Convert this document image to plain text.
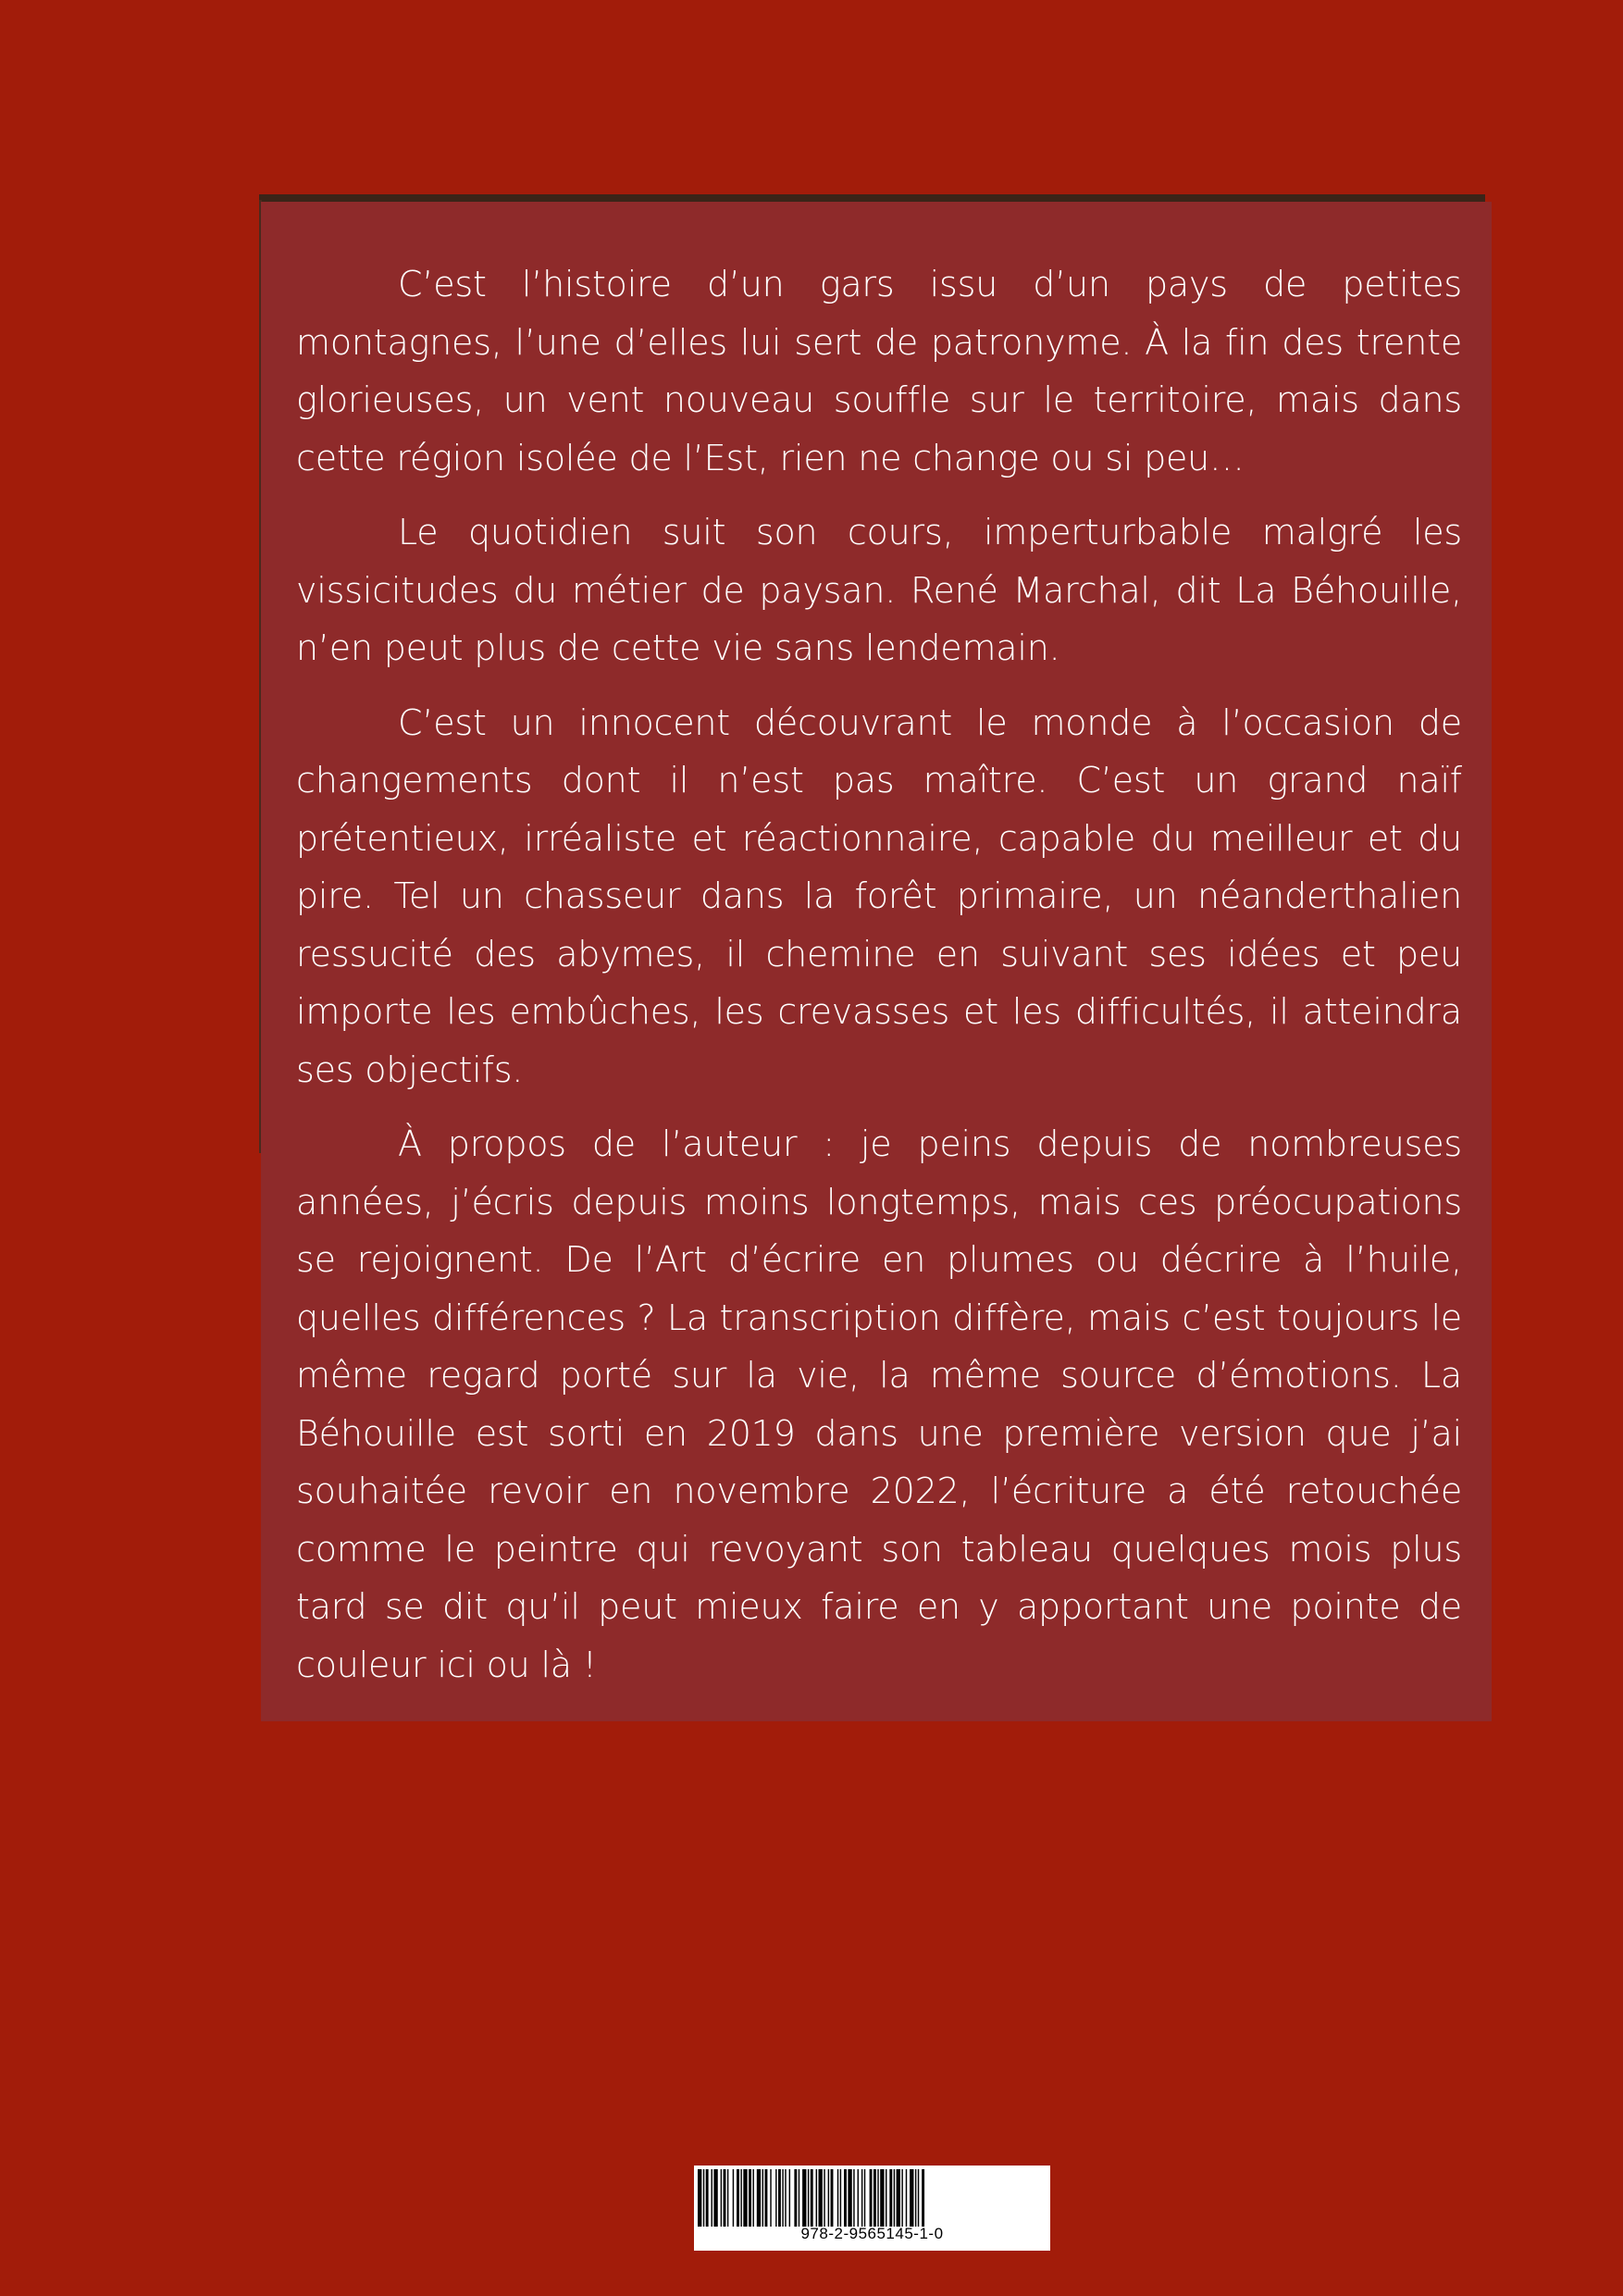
C’est l’histoire d’un gars issu d’un pays de petites montagnes, l’une d’elles lui sert de patronyme. À la fin des trente glorieuses, un vent nouveau souffle sur le territoire, mais dans cette région isolée de l’Est, rien ne change ou si peu…

Le quotidien suit son cours, imperturbable malgré les vissicitudes du métier de paysan. René Marchal, dit La Béhouille, n’en peut plus de cette vie sans lendemain.

C’est un innocent découvrant le monde à l’occasion de changements dont il n’est pas maître. C’est un grand naïf prétentieux, irréaliste et réactionnaire, capable du meilleur et du pire. Tel un chasseur dans la forêt primaire, un néanderthalien ressucité des abymes, il chemine en suivant ses idées et peu importe les embûches, les crevasses et les difficultés, il atteindra ses objectifs.

À propos de l’auteur : je peins depuis de nombreuses années, j’écris depuis moins longtemps, mais ces préocupations se rejoignent. De l’Art d’écrire en plumes ou décrire à l’huile, quelles différences ? La transcription diffère, mais c’est toujours le même regard porté sur la vie, la même source d’émotions. La Béhouille est sorti en 2019 dans une première version que j’ai souhaitée revoir en novembre 2022, l’écriture a été retouchée comme le peintre qui revoyant son tableau quelques mois plus tard se dit qu’il peut mieux faire en y apportant une pointe de couleur ici ou là !

978-2-9565145-1-0
